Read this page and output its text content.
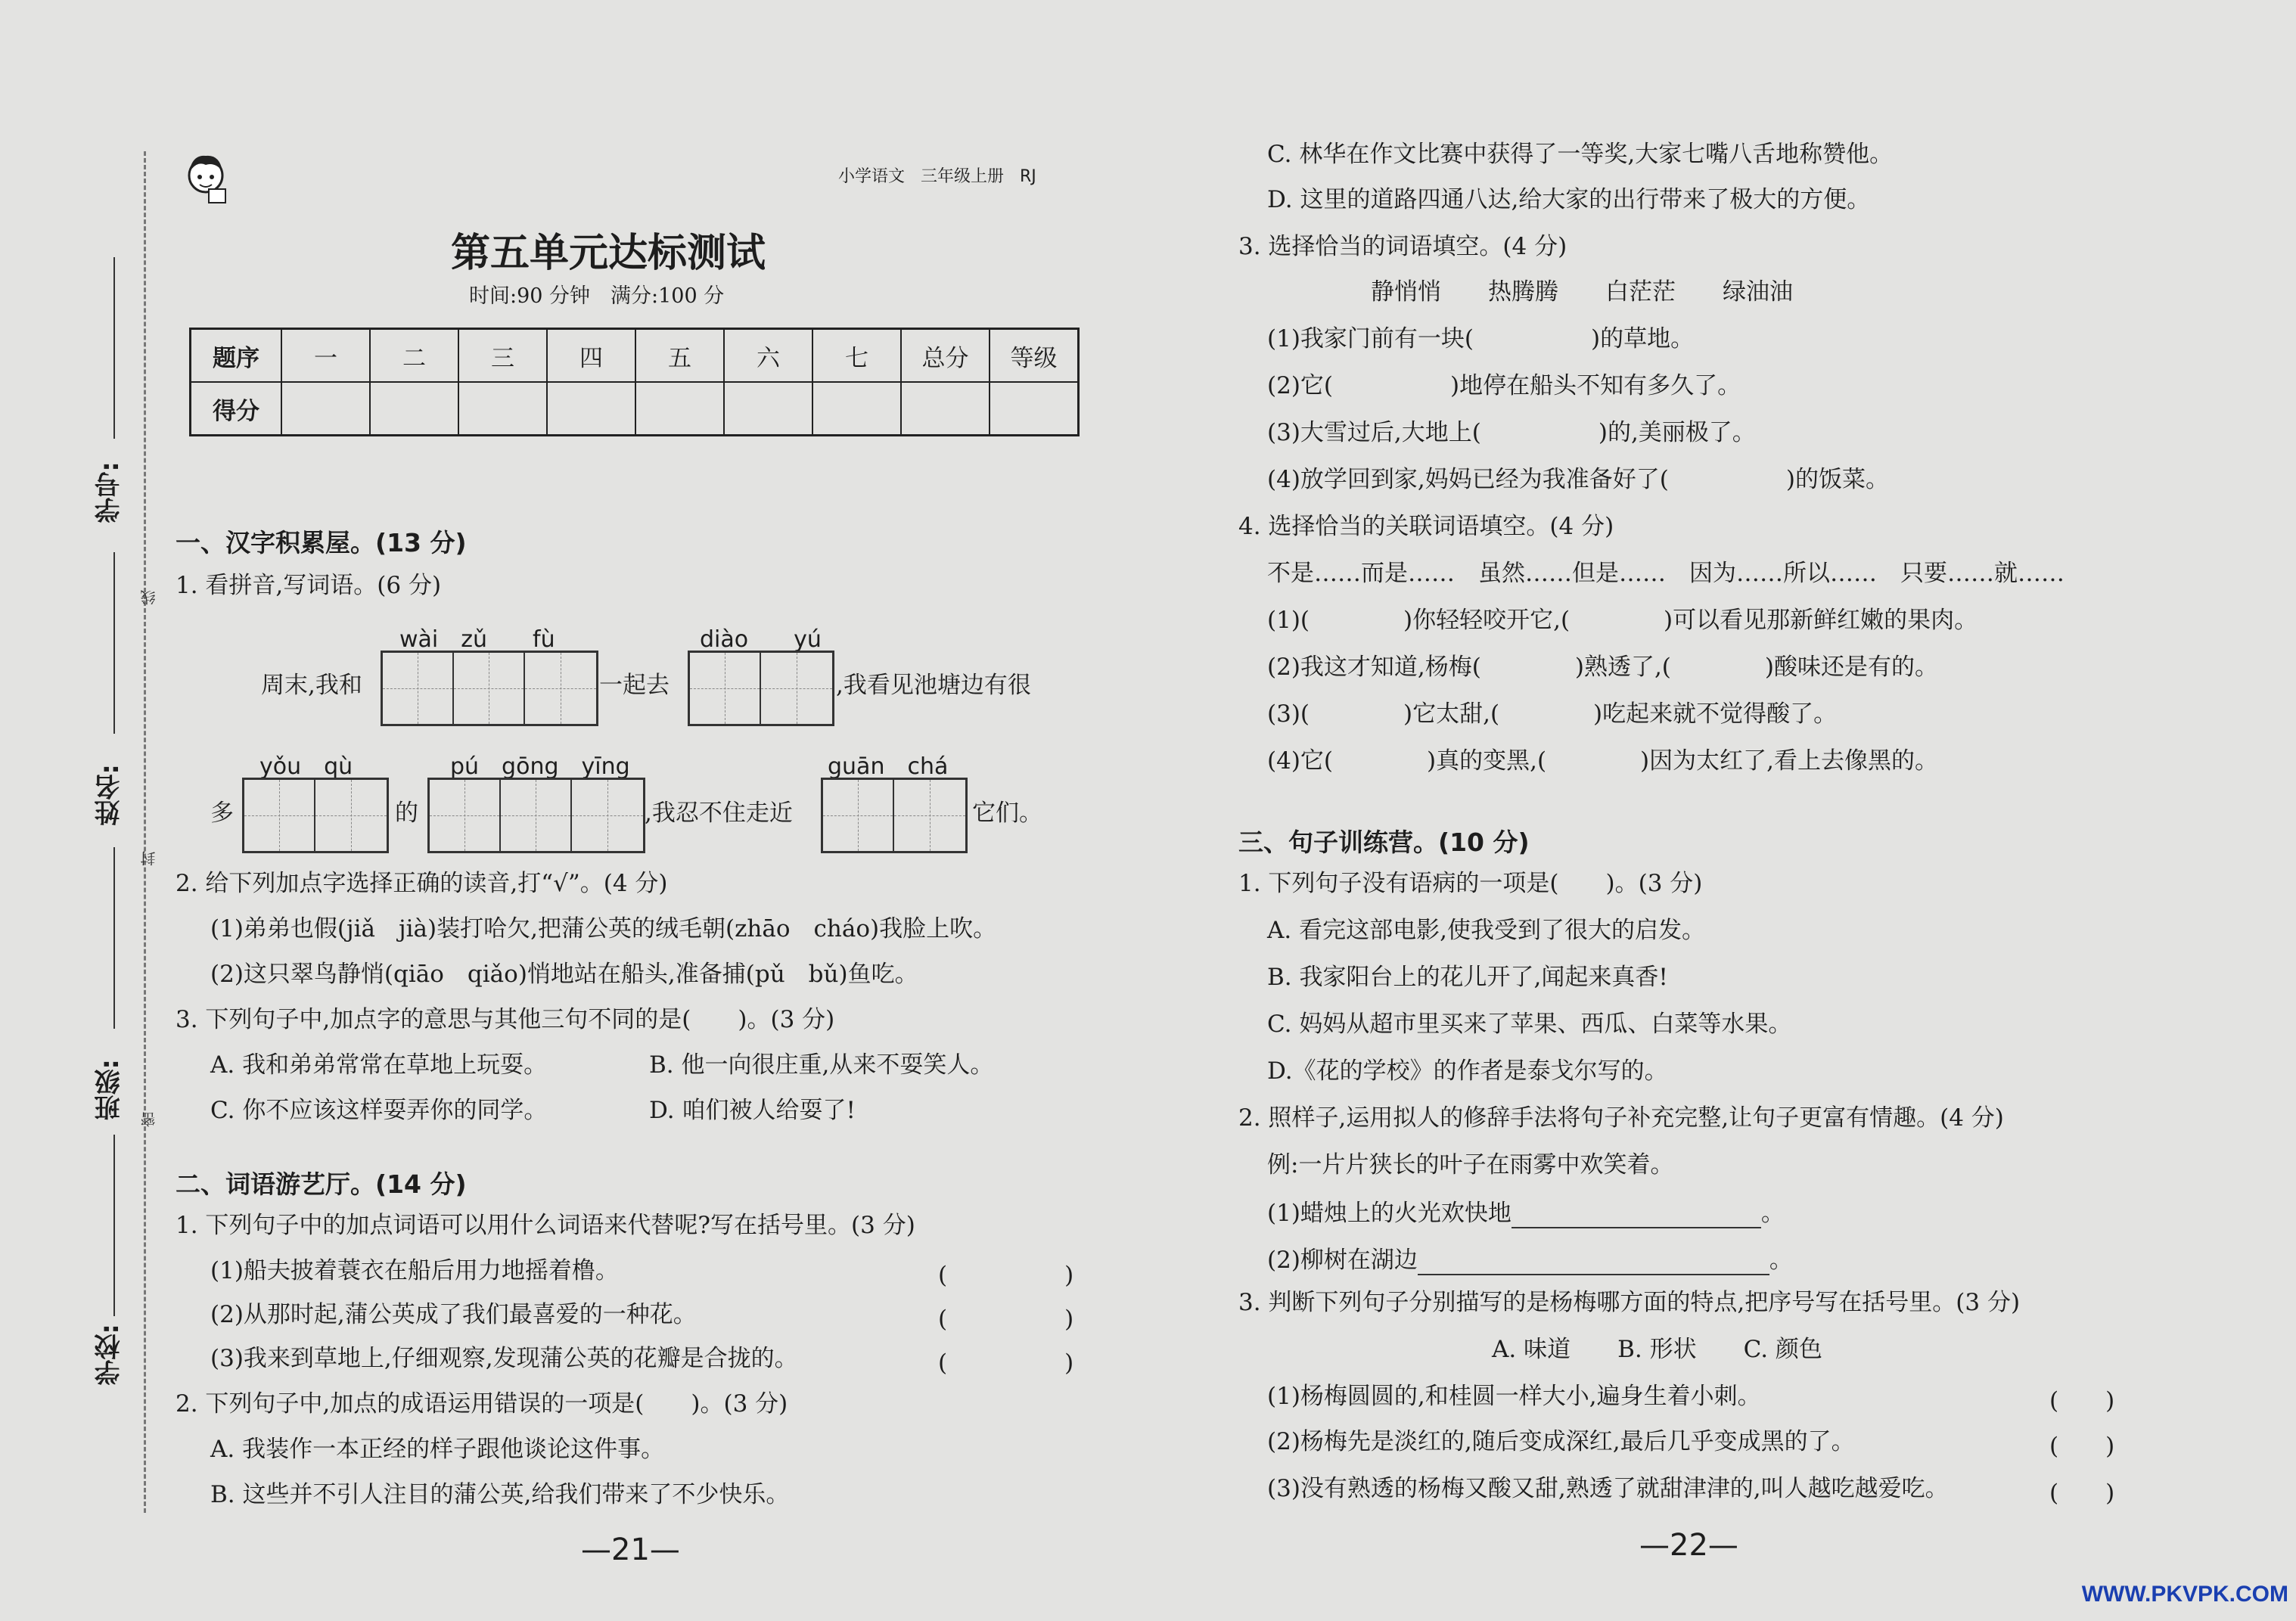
学号:
姓名:
班级:
学校:
线
封
密
小学语文 三年级上册 RJ
第五单元达标测试
时间:90 分钟　满分:100 分
题序	一	二	三	四	五	六	七	总分	等级
得分									
一、汉字积累屋。(13 分)
1. 看拼音,写词语。(6 分)
wài　zǔ　　fù	diào　　yú
周末,我和	一起去	,我看见池塘边有很
yǒu　qù	pú　gōng　yīng	guān　chá
多	的	,我忍不住走近	它们。
2. 给下列加点字选择正确的读音,打“√”。(4 分)
(1)弟弟也假(jiǎ　jià)装打哈欠,把蒲公英的绒毛朝(zhāo　cháo)我脸上吹。
(2)这只翠鸟静悄(qiāo　qiǎo)悄地站在船头,准备捕(pǔ　bǔ)鱼吃。
3. 下列句子中,加点字的意思与其他三句不同的是(　　)。(3 分)
A. 我和弟弟常常在草地上玩耍。	B. 他一向很庄重,从来不耍笑人。
C. 你不应该这样耍弄你的同学。	D. 咱们被人给耍了!
二、词语游艺厅。(14 分)
1. 下列句子中的加点词语可以用什么词语来代替呢?写在括号里。(3 分)
(1)船夫披着蓑衣在船后用力地摇着橹。	(　　　　　)
(2)从那时起,蒲公英成了我们最喜爱的一种花。	(　　　　　)
(3)我来到草地上,仔细观察,发现蒲公英的花瓣是合拢的。	(　　　　　)
2. 下列句子中,加点的成语运用错误的一项是(　　)。(3 分)
A. 我装作一本正经的样子跟他谈论这件事。
B. 这些并不引人注目的蒲公英,给我们带来了不少快乐。
—21—
C. 林华在作文比赛中获得了一等奖,大家七嘴八舌地称赞他。
D. 这里的道路四通八达,给大家的出行带来了极大的方便。
3. 选择恰当的词语填空。(4 分)
静悄悄　　热腾腾　　白茫茫　　绿油油
(1)我家门前有一块(　　　　　)的草地。
(2)它(　　　　　)地停在船头不知有多久了。
(3)大雪过后,大地上(　　　　　)的,美丽极了。
(4)放学回到家,妈妈已经为我准备好了(　　　　　)的饭菜。
4. 选择恰当的关联词语填空。(4 分)
不是……而是……　虽然……但是……　因为……所以……　只要……就……
(1)(　　　　)你轻轻咬开它,(　　　　)可以看见那新鲜红嫩的果肉。
(2)我这才知道,杨梅(　　　　)熟透了,(　　　　)酸味还是有的。
(3)(　　　　)它太甜,(　　　　)吃起来就不觉得酸了。
(4)它(　　　　)真的变黑,(　　　　)因为太红了,看上去像黑的。
三、句子训练营。(10 分)
1. 下列句子没有语病的一项是(　　)。(3 分)
A. 看完这部电影,使我受到了很大的启发。
B. 我家阳台上的花儿开了,闻起来真香!
C. 妈妈从超市里买来了苹果、西瓜、白菜等水果。
D.《花的学校》的作者是泰戈尔写的。
2. 照样子,运用拟人的修辞手法将句子补充完整,让句子更富有情趣。(4 分)
例:一片片狭长的叶子在雨雾中欢笑着。
(1)蜡烛上的火光欢快地	。
(2)柳树在湖边	。
3. 判断下列句子分别描写的是杨梅哪方面的特点,把序号写在括号里。(3 分)
A. 味道　　B. 形状　　C. 颜色
(1)杨梅圆圆的,和桂圆一样大小,遍身生着小刺。	(　　)
(2)杨梅先是淡红的,随后变成深红,最后几乎变成黑的了。	(　　)
(3)没有熟透的杨梅又酸又甜,熟透了就甜津津的,叫人越吃越爱吃。	(　　)
—22—
WWW.PKVPK.COM
